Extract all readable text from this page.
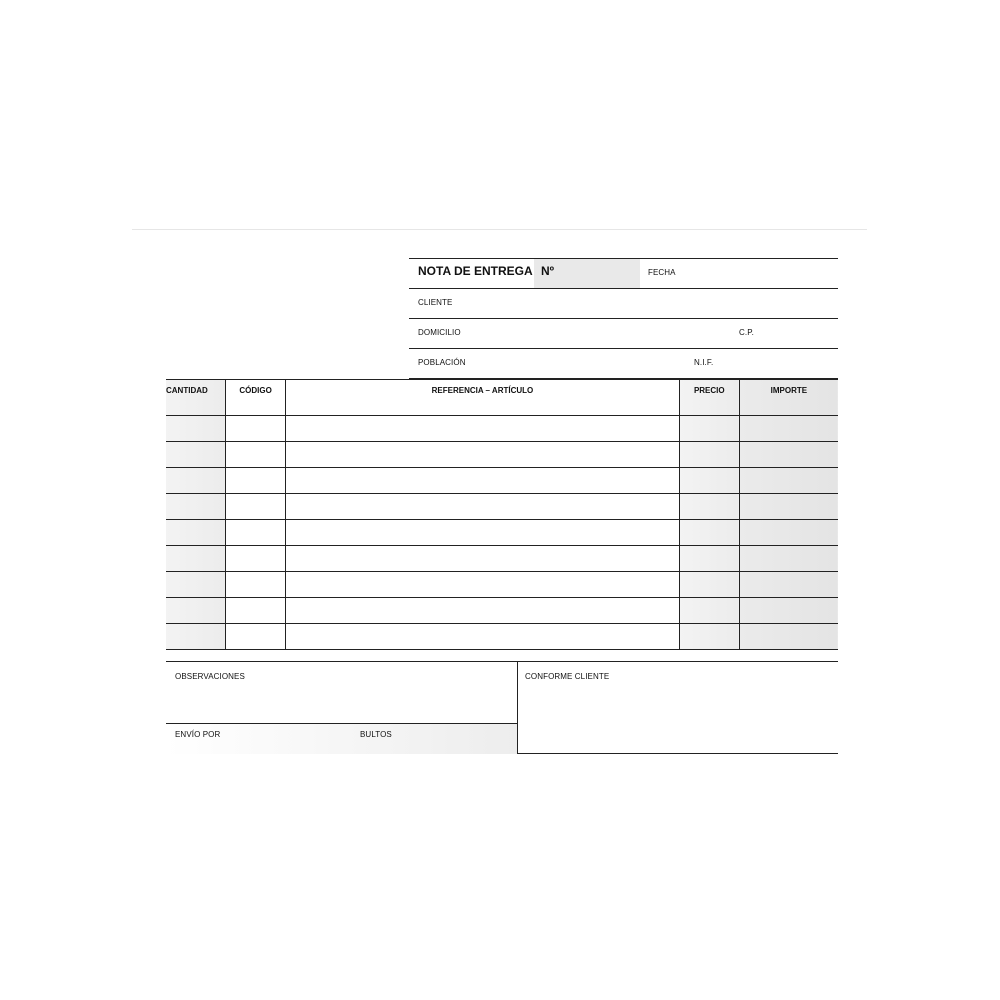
NOTA DE ENTREGA Nº	FECHA
CLIENTE
DOMICILIO	C.P.
POBLACIÓN	N.I.F.
CANTIDAD	CÓDIGO	REFERENCIA – ARTÍCULO	PRECIO	IMPORTE

OBSERVACIONES
ENVÍO POR	BULTOS
CONFORME CLIENTE
